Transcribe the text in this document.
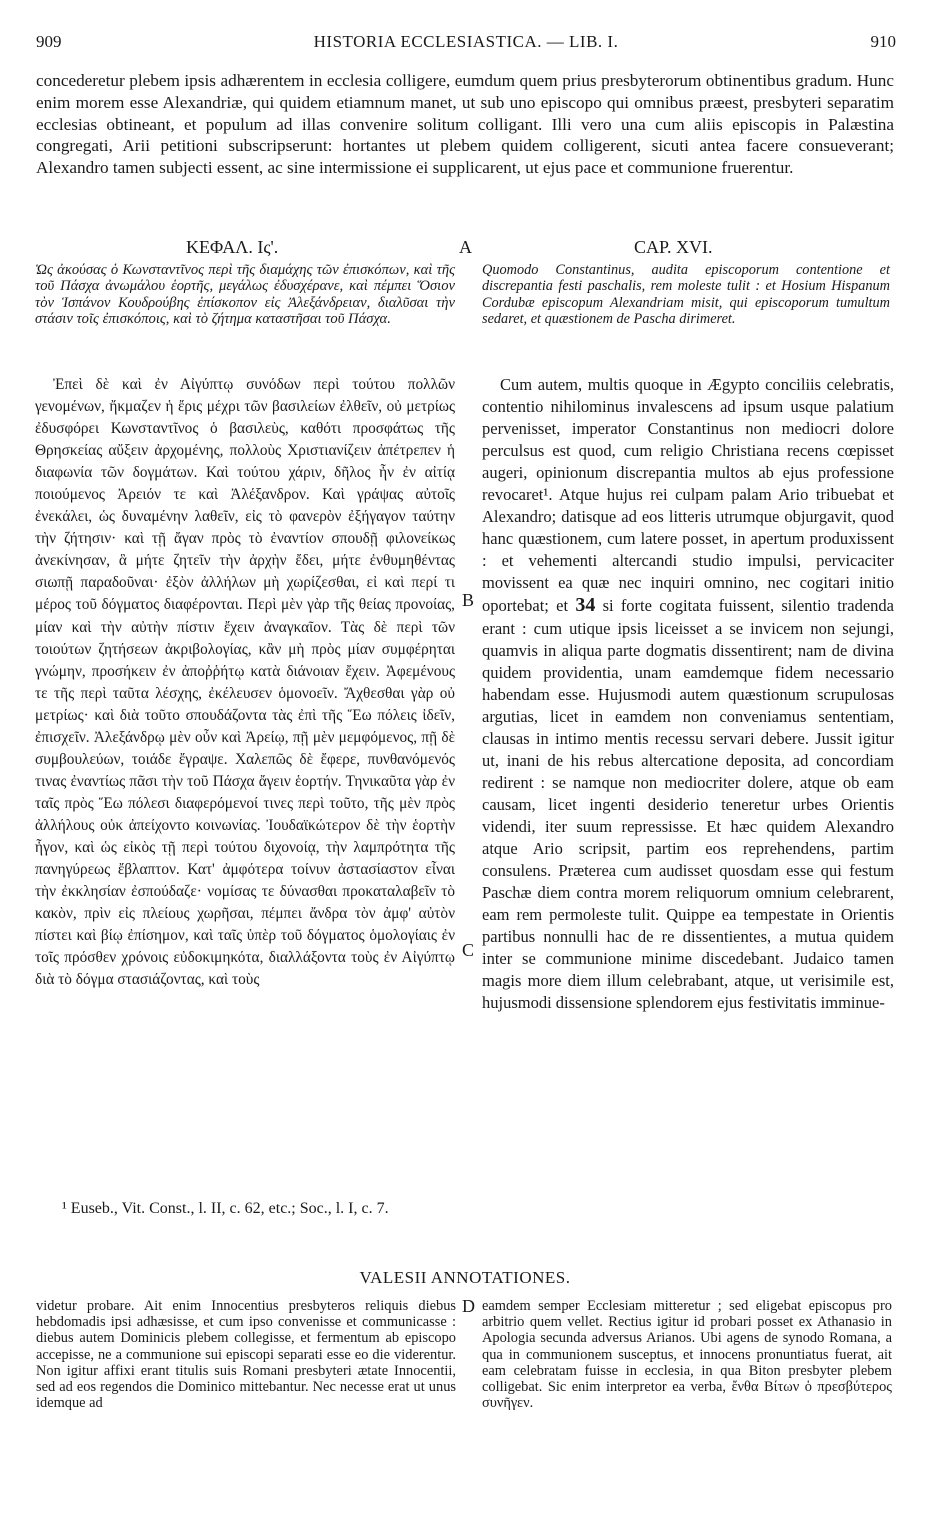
909	HISTORIA ECCLESIASTICA. — LIB. I.	910

concederetur plebem ipsis adhærentem in ecclesia colligere, eumdum quem prius presbyterorum obtinentibus gradum. Hunc enim morem esse Alexandriæ, qui quidem etiamnum manet, ut sub uno episcopo qui omnibus præest, presbyteri separatim ecclesias obtineant, et populum ad illas convenire solitum colligant. Illi vero una cum aliis episcopis in Palæstina congregati, Arii petitioni subscripserunt: hortantes ut plebem quidem colligerent, sicuti antea facere consueverant; Alexandro tamen subjecti essent, ac sine intermissione ei supplicarent, ut ejus pace et communione fruerentur.

ΚΕΦΑΛ. Ις'.	A	CAP. XVI.
Ὡς ἀκούσας ὁ Κωνσταντῖνος περὶ τῆς διαμάχης τῶν ἐπισκόπων, καὶ τῆς τοῦ Πάσχα ἀνωμάλου ἑορτῆς, μεγάλως ἐδυσχέρανε, καὶ πέμπει Ὅσιον τὸν Ἱσπάνον Κουδρούβης ἐπίσκοπον εἰς Ἀλεξάνδρειαν, διαλῦσαι τὴν στάσιν τοῖς ἐπισκόποις, καὶ τὸ ζήτημα καταστῆσαι τοῦ Πάσχα.
Quomodo Constantinus, audita episcoporum contentione et discrepantia festi paschalis, rem moleste tulit : et Hosium Hispanum Cordubæ episcopum Alexandriam misit, qui episcoporum tumultum sedaret, et quæstionem de Pascha dirimeret.

Ἐπεὶ δὲ καὶ ἐν Αἰγύπτῳ συνόδων περὶ τούτου πολλῶν γενομένων, ἤκμαζεν ἡ ἔρις μέχρι τῶν βασιλείων ἐλθεῖν, οὐ μετρίως ἐδυσφόρει Κωνσταντῖνος ὁ βασιλεὺς, καθότι προσφάτως τῆς Θρησκείας αὔξειν ἀρχομένης, πολλοὺς Χριστιανίζειν ἀπέτρεπεν ἡ διαφωνία τῶν δογμάτων. Καὶ τούτου χάριν, δῆλος ἦν ἐν αἰτίᾳ ποιούμενος Ἀρειόν τε καὶ Ἀλέξανδρον. Καὶ γράψας αὐτοῖς ἐνεκάλει, ὡς δυναμένην λαθεῖν, εἰς τὸ φανερὸν ἐξήγαγον ταύτην τὴν ζήτησιν· καὶ τῇ ἄγαν πρὸς τὸ ἐναντίον σπουδῇ φιλονείκως ἀνεκίνησαν, ἃ μήτε ζητεῖν τὴν ἀρχὴν ἔδει, μήτε ἐνθυμηθέντας σιωπῇ παραδοῦναι· ἐξὸν ἀλλήλων μὴ χωρίζεσθαι, εἰ καὶ περί τι μέρος τοῦ δόγματος διαφέρονται. Περὶ μὲν γὰρ τῆς θείας προνοίας, μίαν καὶ τὴν αὐτὴν πίστιν ἔχειν ἀναγκαῖον. Τὰς δὲ περὶ τῶν τοιούτων ζητήσεων ἀκριβολογίας, κἂν μὴ πρὸς μίαν συμφέρηται γνώμην, προσήκειν ἐν ἀποῤῥήτῳ κατὰ διάνοιαν ἔχειν. Ἀφεμένους τε τῆς περὶ ταῦτα λέσχης, ἐκέλευσεν ὁμονοεῖν. Ἄχθεσθαι γὰρ οὐ μετρίως· καὶ διὰ τοῦτο σπουδάζοντα τὰς ἐπὶ τῆς Ἕω πόλεις ἰδεῖν, ἐπισχεῖν. Ἀλεξάνδρῳ μὲν οὖν καὶ Ἀρείῳ, πῇ μὲν μεμφόμενος, πῇ δὲ συμβουλεύων, τοιάδε ἔγραψε. Χαλεπῶς δὲ ἔφερε, πυνθανόμενός τινας ἐναντίως πᾶσι τὴν τοῦ Πάσχα ἄγειν ἑορτήν. Τηνικαῦτα γὰρ ἐν ταῖς πρὸς Ἕω πόλεσι διαφερόμενοί τινες περὶ τοῦτο, τῆς μὲν πρὸς ἀλλήλους οὐκ ἀπείχοντο κοινωνίας. Ἰουδαϊκώτερον δὲ τὴν ἑορτὴν ἦγον, καὶ ὡς εἰκὸς τῇ περὶ τούτου διχονοίᾳ, τὴν λαμπρότητα τῆς πανηγύρεως ἔβλαπτον. Κατ' ἀμφότερα τοίνυν ἀστασίαστον εἶναι τὴν ἐκκλησίαν ἐσπούδαζε· νομίσας τε δύνασθαι προκαταλαβεῖν τὸ κακὸν, πρὶν εἰς πλείους χωρῆσαι, πέμπει ἄνδρα τὸν ἀμφ' αὐτὸν πίστει καὶ βίῳ ἐπίσημον, καὶ ταῖς ὑπὲρ τοῦ δόγματος ὁμολογίαις ἐν τοῖς πρόσθεν χρόνοις εὐδοκιμηκότα, διαλλάξοντα τοὺς ἐν Αἰγύπτῳ διὰ τὸ δόγμα στασιάζοντας, καὶ τοὺς

B
C

Cum autem, multis quoque in Ægypto conciliis celebratis, contentio nihilominus invalescens ad ipsum usque palatium pervenisset, imperator Constantinus non mediocri dolore perculsus est quod, cum religio Christiana recens cœpisset augeri, opinionum discrepantia multos ab ejus professione revocaret¹. Atque hujus rei culpam palam Ario tribuebat et Alexandro; datisque ad eos litteris utrumque objurgavit, quod hanc quæstionem, cum latere posset, in apertum produxissent : et vehementi altercandi studio impulsi, pervicaciter movissent ea quæ nec inquiri omnino, nec cogitari initio oportebat; et 34 si forte cogitata fuissent, silentio tradenda erant : cum utique ipsis liceisset a se invicem non sejungi, quamvis in aliqua parte dogmatis dissentirent; nam de divina quidem providentia, unam eamdemque fidem necessario habendam esse. Hujusmodi autem quæstionum scrupulosas argutias, licet in eamdem non conveniamus sententiam, clausas in intimo mentis recessu servari debere. Jussit igitur ut, inani de his rebus altercatione deposita, ad concordiam redirent : se namque non mediocriter dolere, atque ob eam causam, licet ingenti desiderio teneretur urbes Orientis videndi, iter suum repressisse. Et hæc quidem Alexandro atque Ario scripsit, partim eos reprehendens, partim consulens. Præterea cum audisset quosdam esse qui festum Paschæ diem contra morem reliquorum omnium celebrarent, eam rem permoleste tulit. Quippe ea tempestate in Orientis partibus nonnulli hac de re dissentientes, a mutua quidem inter se communione minime discedebant. Judaico tamen magis more diem illum celebrabant, atque, ut verisimile est, hujusmodi dissensione splendorem ejus festivitatis imminue-

¹ Euseb., Vit. Const., l. II, c. 62, etc.; Soc., l. I, c. 7.
VALESII ANNOTATIONES.

videtur probare. Ait enim Innocentius presbyteros reliquis diebus hebdomadis ipsi adhæsisse, et cum ipso convenisse et communicasse : diebus autem Dominicis plebem collegisse, et fermentum ab episcopo accepisse, ne a communione sui episcopi separati esse eo die viderentur. Non igitur affixi erant titulis suis Romani presbyteri ætate Innocentii, sed ad eos regendos die Dominico mittebantur. Nec necesse erat ut unus idemque ad

D eamdem semper Ecclesiam mitteretur ; sed eligebat episcopus pro arbitrio quem vellet. Rectius igitur id probari posset ex Athanasio in Apologia secunda adversus Arianos. Ubi agens de synodo Romana, a qua in communionem susceptus, et innocens pronuntiatus fuerat, ait eam celebratam fuisse in ecclesia, in qua Biton presbyter plebem colligebat. Sic enim interpretor ea verba, ἔνθα Βίτων ὁ πρεσβύτερος συνῆγεν.
